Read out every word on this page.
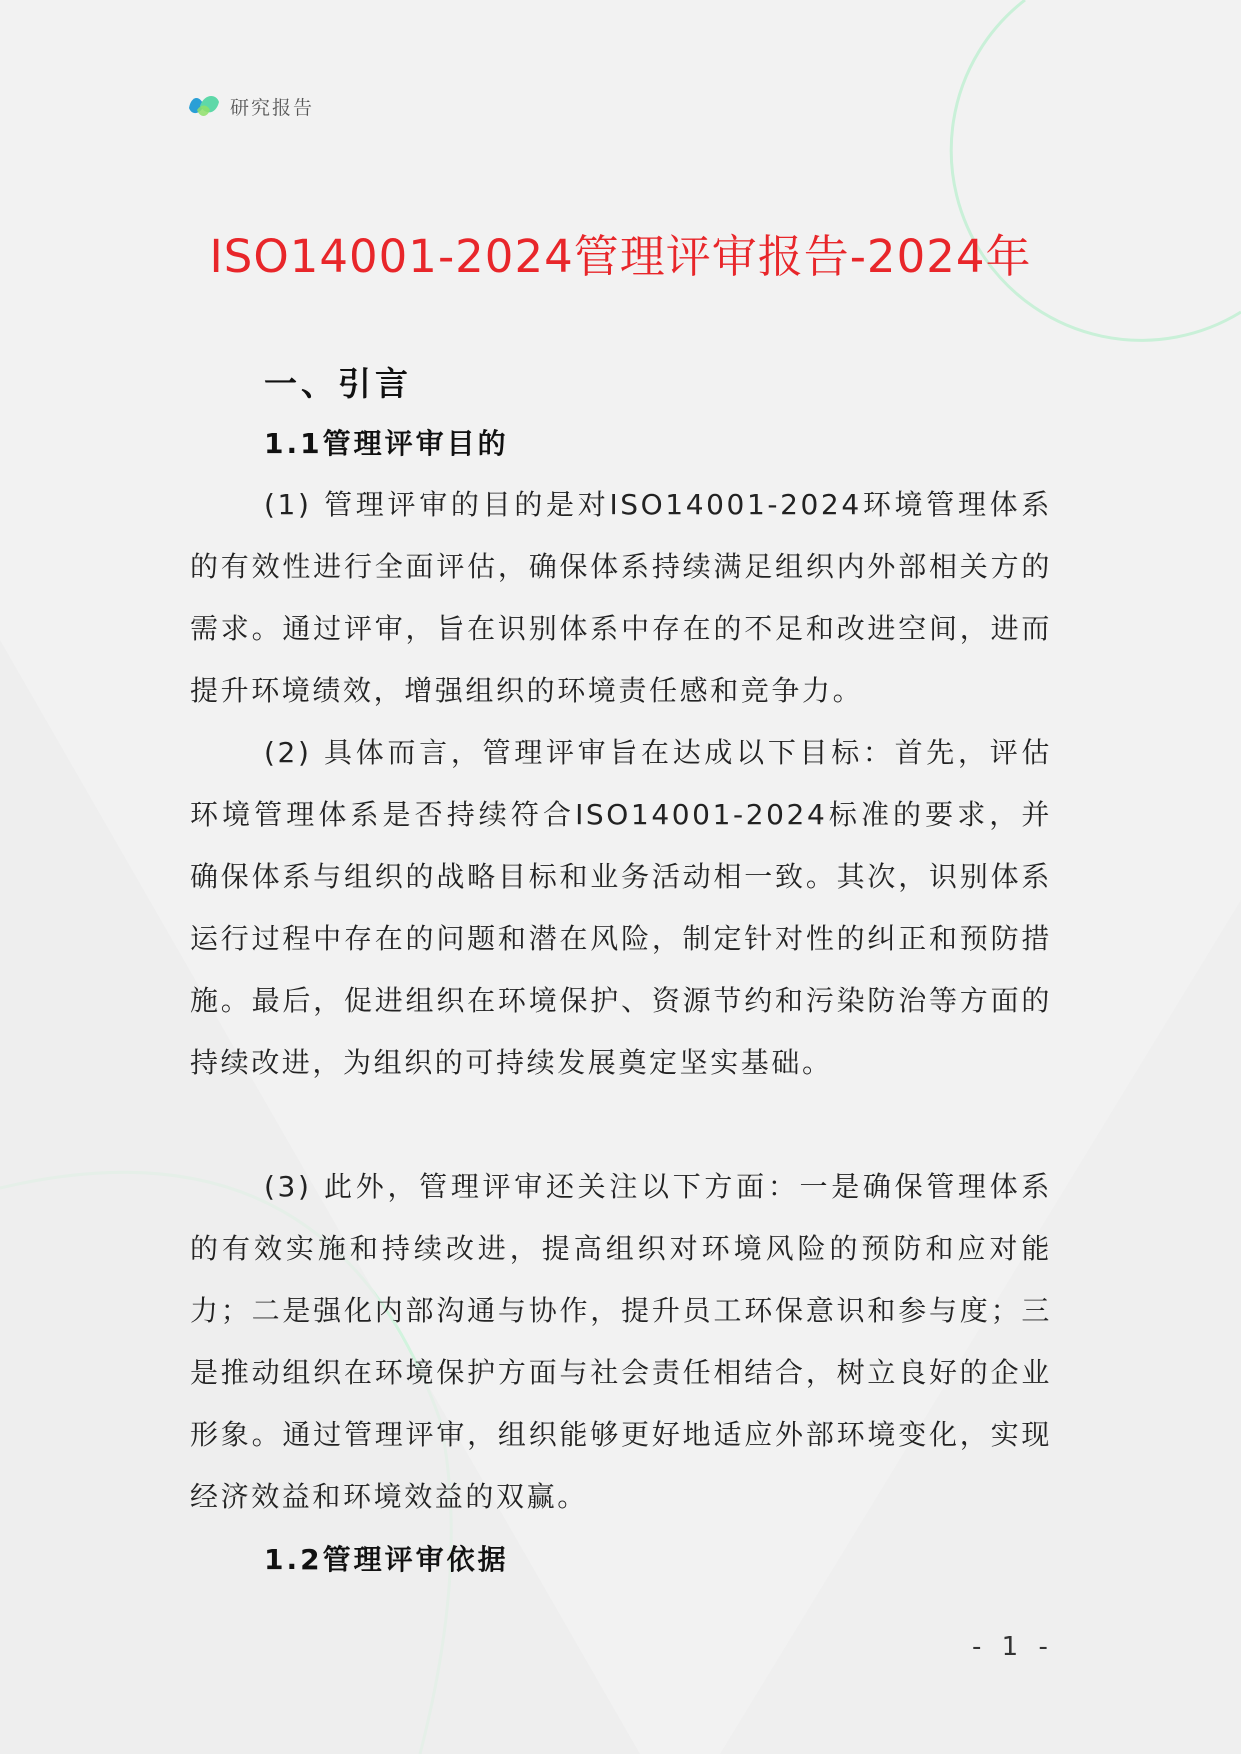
研究报告
ISO14001-2024管理评审报告-2024年
一、引言
1.1管理评审目的

(1) 管理评审的目的是对ISO14001-2024环境管理体系的有效性进行全面评估，确保体系持续满足组织内外部相关方的需求。通过评审，旨在识别体系中存在的不足和改进空间，进而提升环境绩效，增强组织的环境责任感和竞争力。

(2) 具体而言，管理评审旨在达成以下目标：首先，评估环境管理体系是否持续符合ISO14001-2024标准的要求，并确保体系与组织的战略目标和业务活动相一致。其次，识别体系运行过程中存在的问题和潜在风险，制定针对性的纠正和预防措施。最后，促进组织在环境保护、资源节约和污染防治等方面的持续改进，为组织的可持续发展奠定坚实基础。

(3) 此外，管理评审还关注以下方面：一是确保管理体系的有效实施和持续改进，提高组织对环境风险的预防和应对能力；二是强化内部沟通与协作，提升员工环保意识和参与度；三是推动组织在环境保护方面与社会责任相结合，树立良好的企业形象。通过管理评审，组织能够更好地适应外部环境变化，实现经济效益和环境效益的双赢。

1.2管理评审依据
- 1 -
